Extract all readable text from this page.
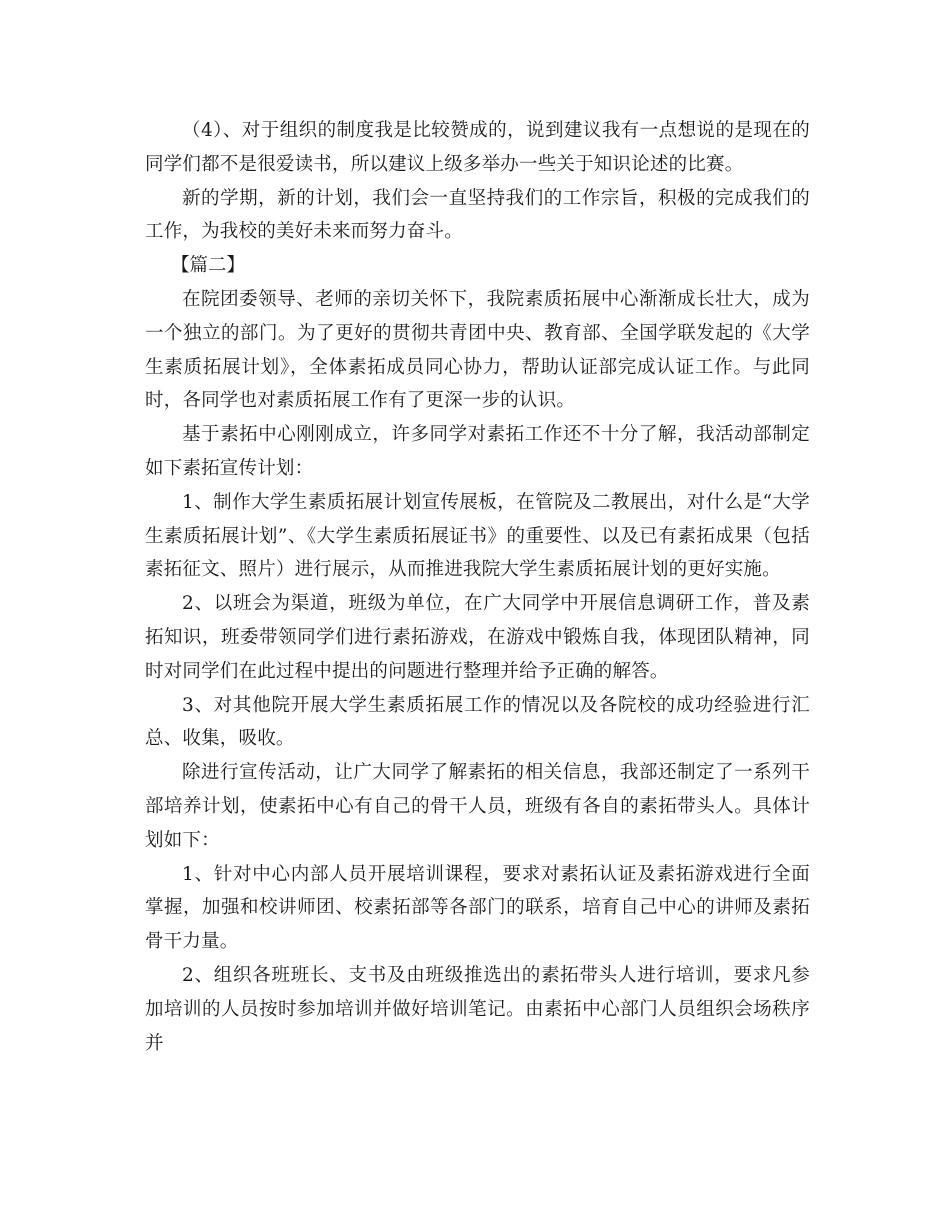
（4）、对于组织的制度我是比较赞成的，说到建议我有一点想说的是现在的同学们都不是很爱读书，所以建议上级多举办一些关于知识论述的比赛。

新的学期，新的计划，我们会一直坚持我们的工作宗旨，积极的完成我们的工作，为我校的美好未来而努力奋斗。

【篇二】

在院团委领导、老师的亲切关怀下，我院素质拓展中心渐渐成长壮大，成为一个独立的部门。为了更好的贯彻共青团中央、教育部、全国学联发起的《大学生素质拓展计划》，全体素拓成员同心协力，帮助认证部完成认证工作。与此同时，各同学也对素质拓展工作有了更深一步的认识。

基于素拓中心刚刚成立，许多同学对素拓工作还不十分了解，我活动部制定如下素拓宣传计划：

1、制作大学生素质拓展计划宣传展板，在管院及二教展出，对什么是“大学生素质拓展计划”、《大学生素质拓展证书》的重要性、以及已有素拓成果（包括素拓征文、照片）进行展示，从而推进我院大学生素质拓展计划的更好实施。

2、以班会为渠道，班级为单位，在广大同学中开展信息调研工作，普及素拓知识，班委带领同学们进行素拓游戏，在游戏中锻炼自我，体现团队精神，同时对同学们在此过程中提出的问题进行整理并给予正确的解答。

3、对其他院开展大学生素质拓展工作的情况以及各院校的成功经验进行汇总、收集，吸收。

除进行宣传活动，让广大同学了解素拓的相关信息，我部还制定了一系列干部培养计划，使素拓中心有自己的骨干人员，班级有各自的素拓带头人。具体计划如下：

1、针对中心内部人员开展培训课程，要求对素拓认证及素拓游戏进行全面掌握，加强和校讲师团、校素拓部等各部门的联系，培育自己中心的讲师及素拓骨干力量。

2、组织各班班长、支书及由班级推选出的素拓带头人进行培训，要求凡参加培训的人员按时参加培训并做好培训笔记。由素拓中心部门人员组织会场秩序并
